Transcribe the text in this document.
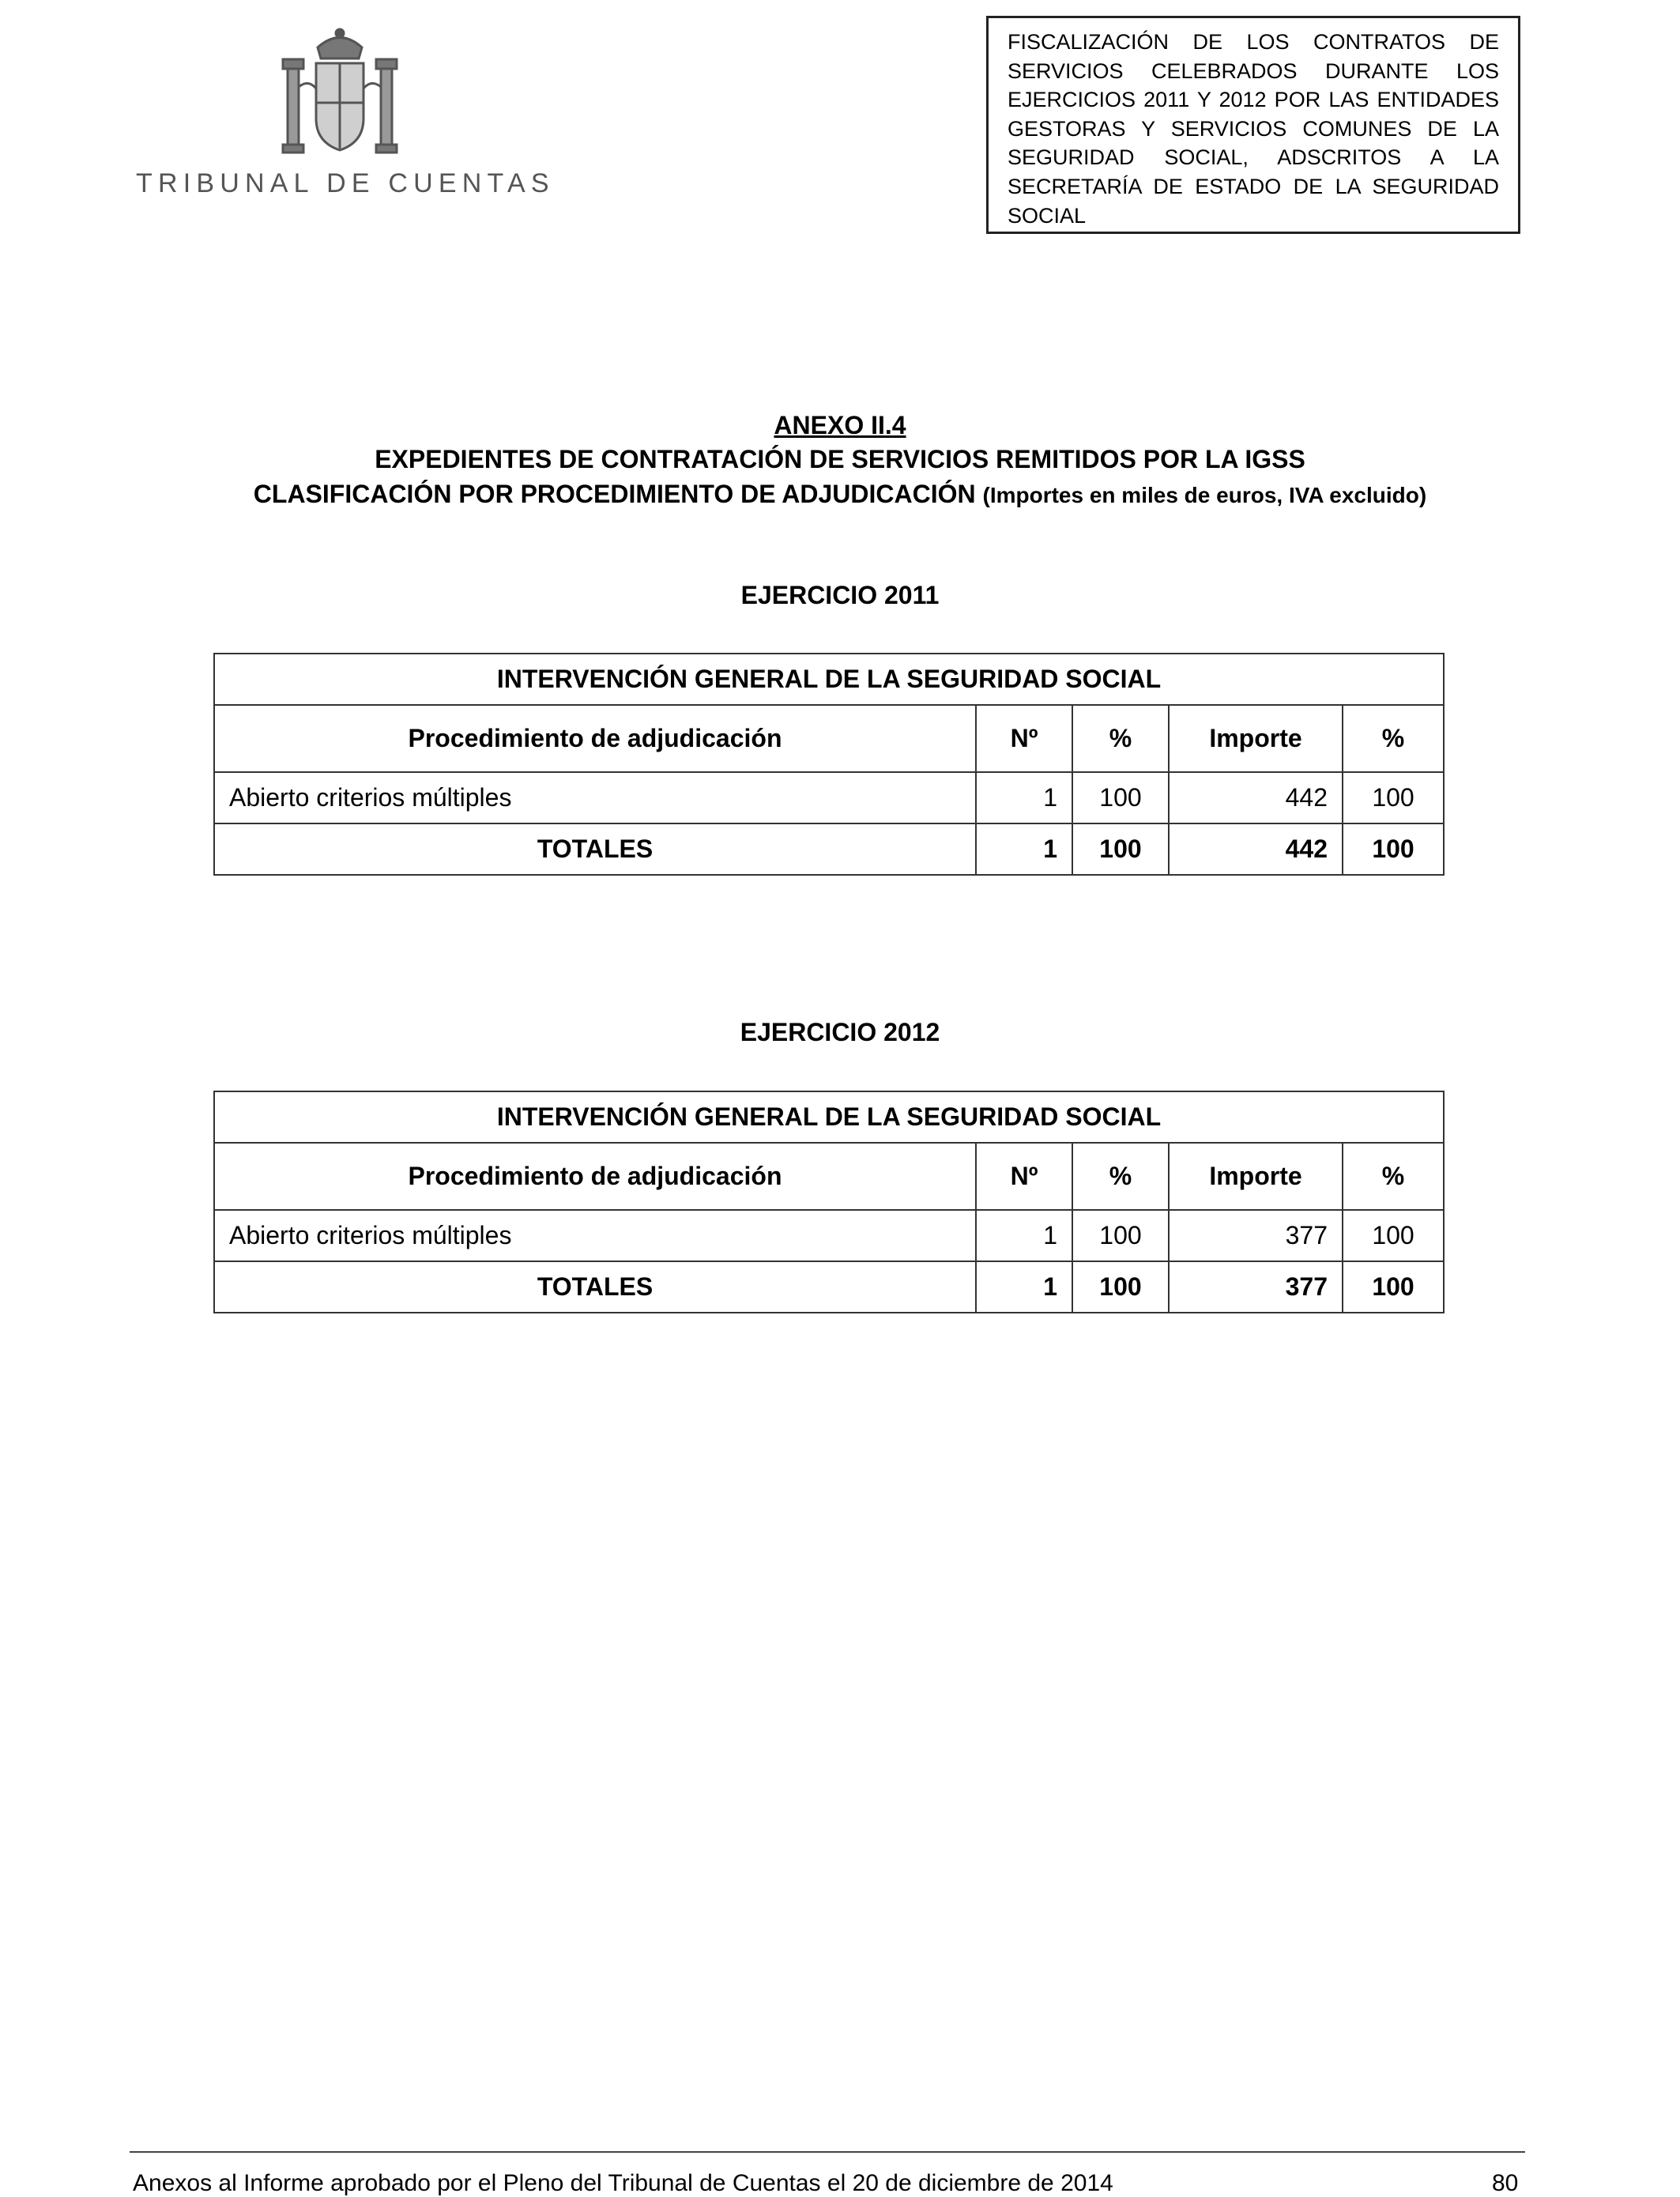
TRIBUNAL DE CUENTAS
FISCALIZACIÓN DE LOS CONTRATOS DE SERVICIOS CELEBRADOS DURANTE LOS EJERCICIOS 2011 Y 2012 POR LAS ENTIDADES GESTORAS Y SERVICIOS COMUNES DE LA SEGURIDAD SOCIAL, ADSCRITOS A LA SECRETARÍA DE ESTADO DE LA SEGURIDAD SOCIAL
ANEXO II.4
EXPEDIENTES DE CONTRATACIÓN DE SERVICIOS REMITIDOS POR LA IGSS
CLASIFICACIÓN POR PROCEDIMIENTO DE ADJUDICACIÓN (Importes en miles de euros, IVA excluido)
EJERCICIO 2011
INTERVENCIÓN GENERAL DE LA SEGURIDAD SOCIAL				
Procedimiento de adjudicación	Nº	%	Importe	%
Abierto criterios múltiples	1	100	442	100
TOTALES	1	100	442	100
EJERCICIO 2012
INTERVENCIÓN GENERAL DE LA SEGURIDAD SOCIAL				
Procedimiento de adjudicación	Nº	%	Importe	%
Abierto criterios múltiples	1	100	377	100
TOTALES	1	100	377	100
Anexos al Informe aprobado por el Pleno del Tribunal de Cuentas el 20 de diciembre de 2014	80
